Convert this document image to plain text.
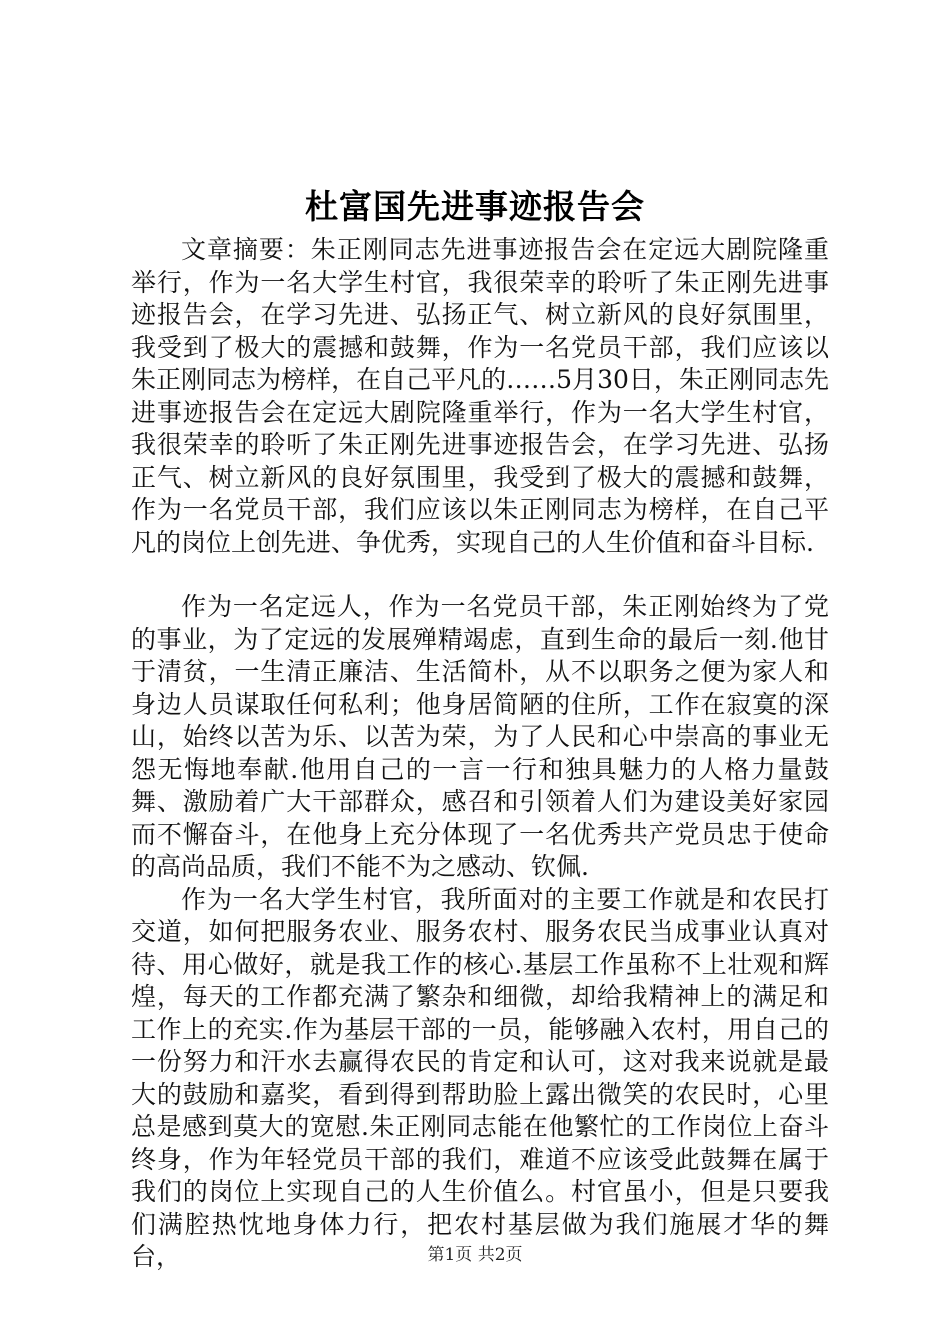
杜富国先进事迹报告会

文章摘要：朱正刚同志先进事迹报告会在定远大剧院隆重举行，作为一名大学生村官，我很荣幸的聆听了朱正刚先进事迹报告会，在学习先进、弘扬正气、树立新风的良好氛围里，我受到了极大的震撼和鼓舞，作为一名党员干部，我们应该以朱正刚同志为榜样，在自己平凡的……5月30日，朱正刚同志先进事迹报告会在定远大剧院隆重举行，作为一名大学生村官，我很荣幸的聆听了朱正刚先进事迹报告会，在学习先进、弘扬正气、树立新风的良好氛围里，我受到了极大的震撼和鼓舞，作为一名党员干部，我们应该以朱正刚同志为榜样，在自己平凡的岗位上创先进、争优秀，实现自己的人生价值和奋斗目标.

作为一名定远人，作为一名党员干部，朱正刚始终为了党的事业，为了定远的发展殚精竭虑，直到生命的最后一刻.他甘于清贫，一生清正廉洁、生活简朴，从不以职务之便为家人和身边人员谋取任何私利；他身居简陋的住所，工作在寂寞的深山，始终以苦为乐、以苦为荣，为了人民和心中崇高的事业无怨无悔地奉献.他用自己的一言一行和独具魅力的人格力量鼓舞、激励着广大干部群众，感召和引领着人们为建设美好家园而不懈奋斗，在他身上充分体现了一名优秀共产党员忠于使命的高尚品质，我们不能不为之感动、钦佩.

作为一名大学生村官，我所面对的主要工作就是和农民打交道，如何把服务农业、服务农村、服务农民当成事业认真对待、用心做好，就是我工作的核心.基层工作虽称不上壮观和辉煌，每天的工作都充满了繁杂和细微，却给我精神上的满足和工作上的充实.作为基层干部的一员，能够融入农村，用自己的一份努力和汗水去赢得农民的肯定和认可，这对我来说就是最大的鼓励和嘉奖，看到得到帮助脸上露出微笑的农民时，心里总是感到莫大的宽慰.朱正刚同志能在他繁忙的工作岗位上奋斗终身，作为年轻党员干部的我们，难道不应该受此鼓舞在属于我们的岗位上实现自己的人生价值么。村官虽小，但是只要我们满腔热忱地身体力行，把农村基层做为我们施展才华的舞台，	第1页 共2页
